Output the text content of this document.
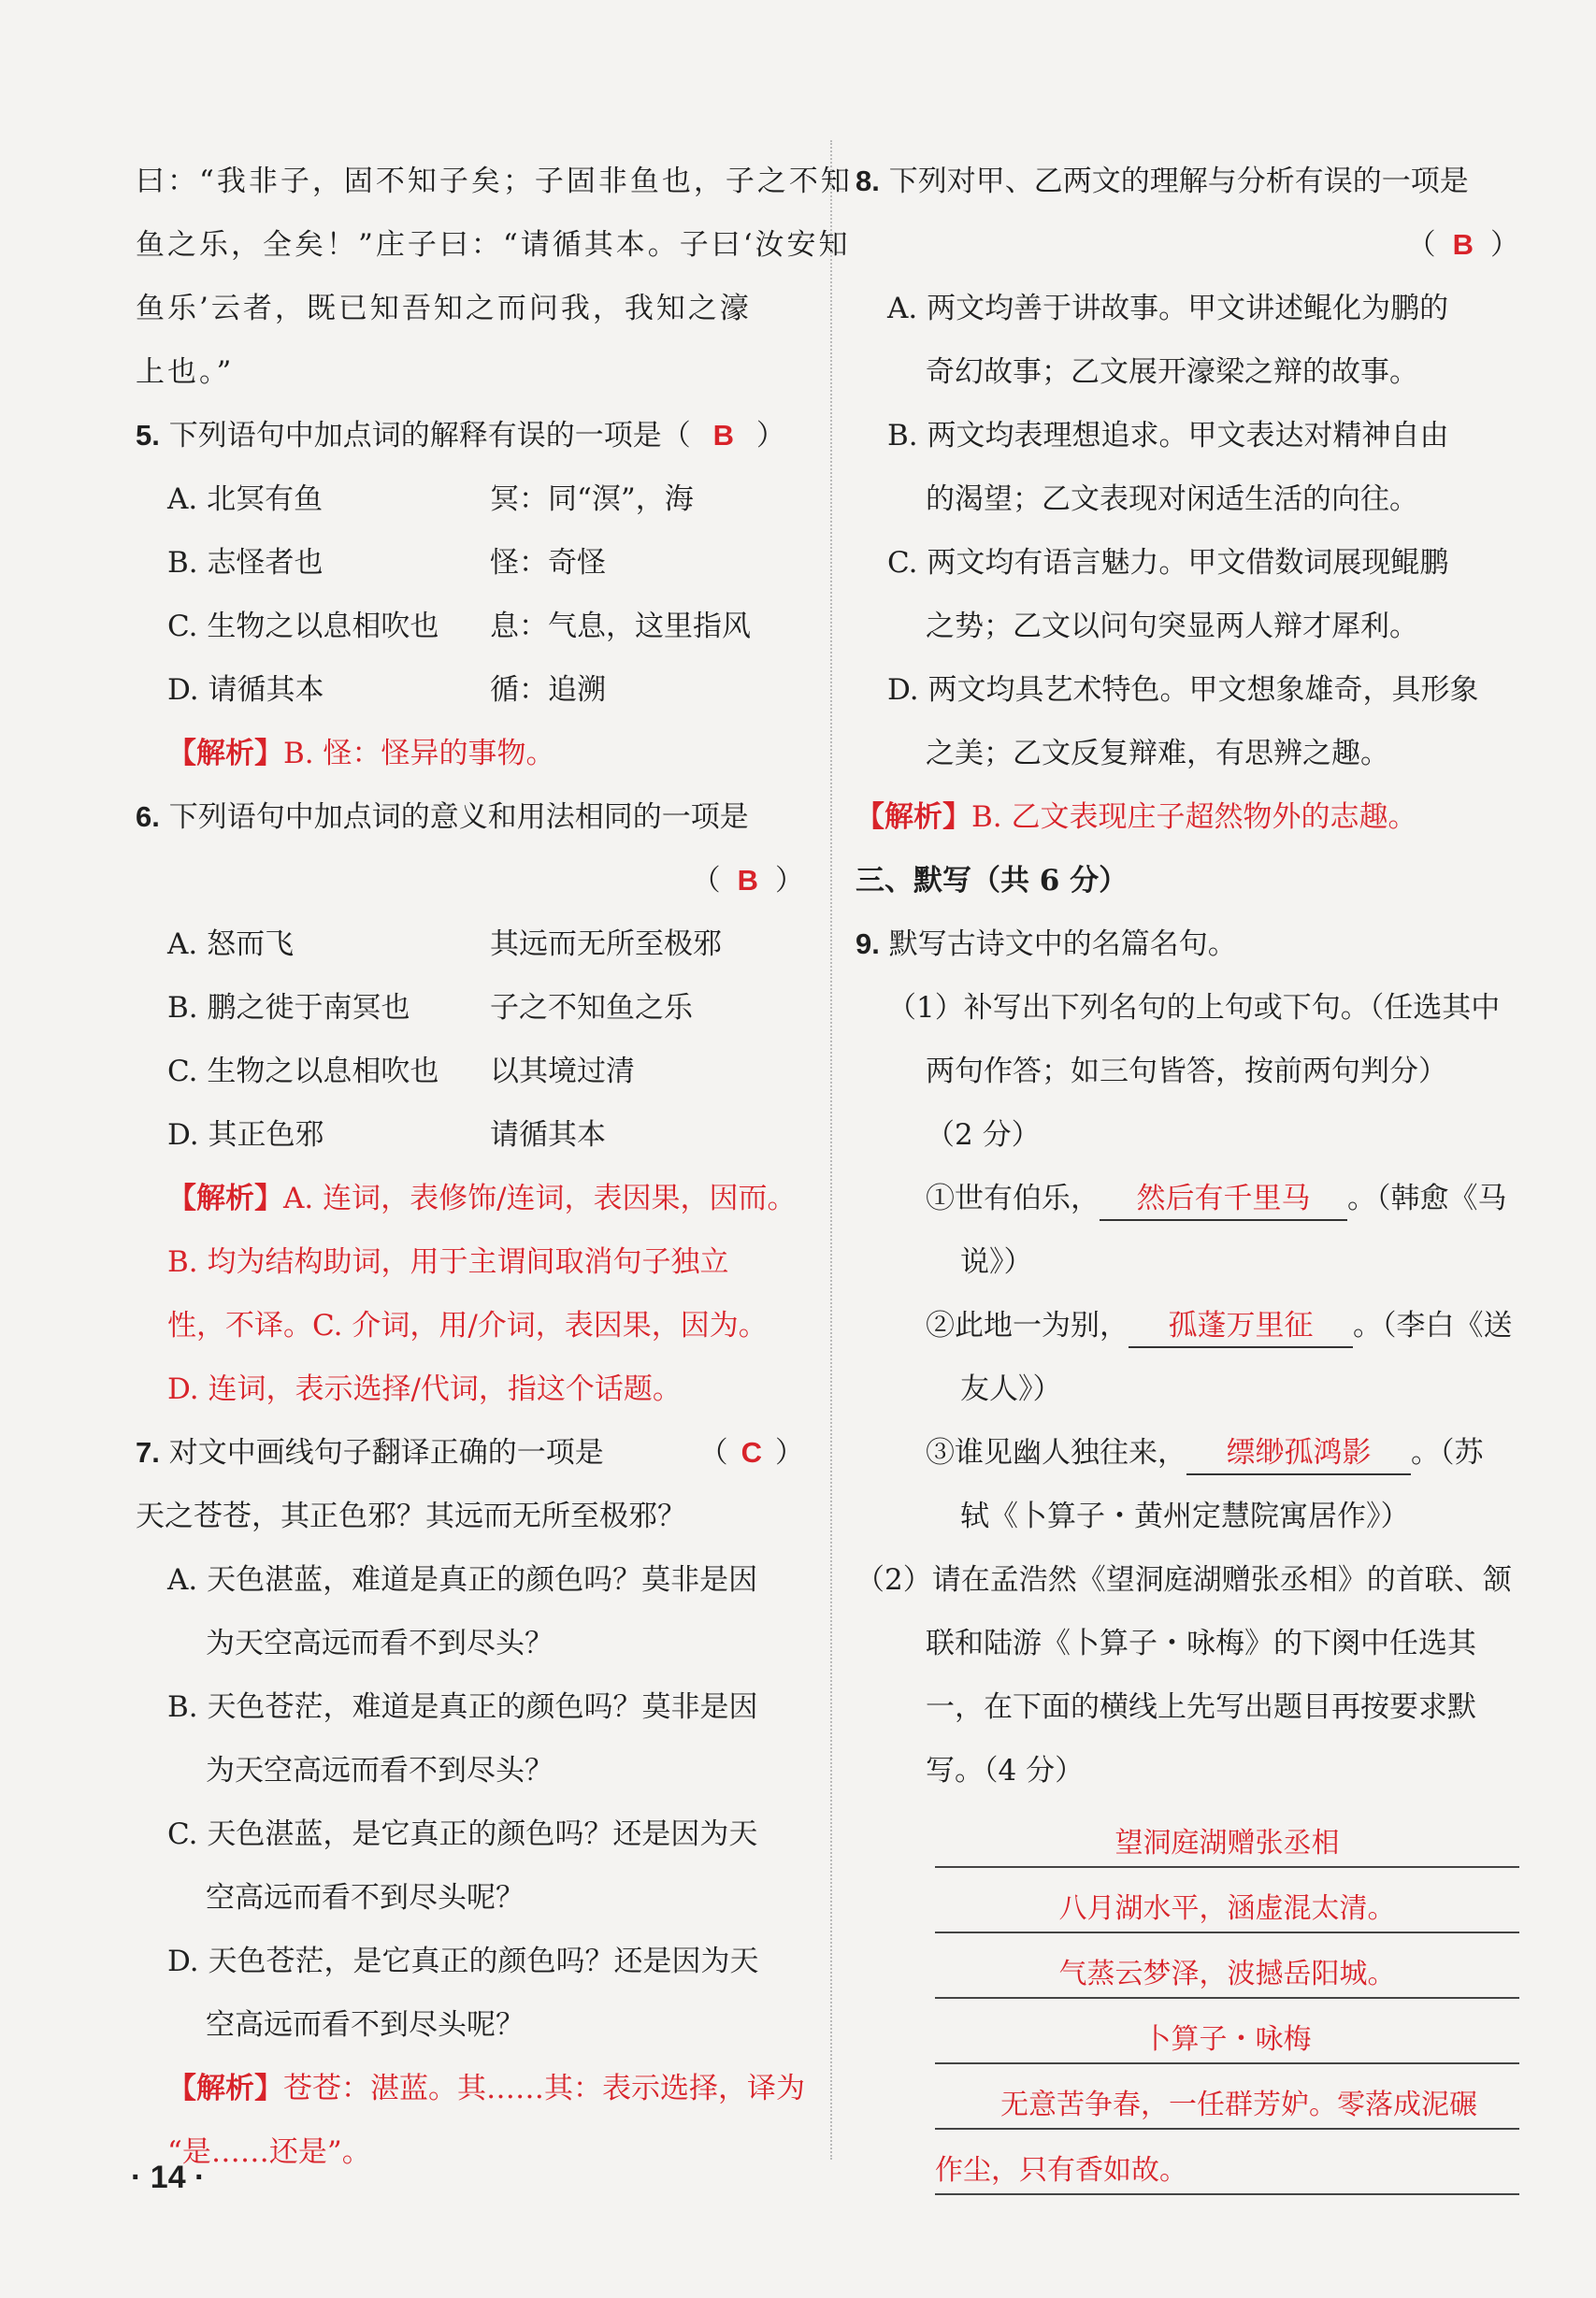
曰：“我非子，固不知子矣；子固非鱼也，子之不知
鱼之乐，全矣！”庄子曰：“请循其本。子曰‘汝安知
鱼乐’云者，既已知吾知之而问我，我知之濠
上也。”
5. 下列语句中加点词的解释有误的一项是（ B ）
A. 北冥有鱼	冥：同“溟”，海
B. 志怪者也	怪：奇怪
C. 生物之以息相吹也	息：气息，这里指风
D. 请循其本	循：追溯
【解析】B. 怪：怪异的事物。
6. 下列语句中加点词的意义和用法相同的一项是
（ B ）
A. 怒而飞	其远而无所至极邪
B. 鹏之徙于南冥也	子之不知鱼之乐
C. 生物之以息相吹也	以其境过清
D. 其正色邪	请循其本
【解析】A. 连词，表修饰/连词，表因果，因而。
B. 均为结构助词，用于主谓间取消句子独立
性，不译。C. 介词，用/介词，表因果，因为。
D. 连词，表示选择/代词，指这个话题。
7. 对文中画线句子翻译正确的一项是	（ C ）
天之苍苍，其正色邪？其远而无所至极邪？
A. 天色湛蓝，难道是真正的颜色吗？莫非是因
为天空高远而看不到尽头？
B. 天色苍茫，难道是真正的颜色吗？莫非是因
为天空高远而看不到尽头？
C. 天色湛蓝，是它真正的颜色吗？还是因为天
空高远而看不到尽头呢？
D. 天色苍茫，是它真正的颜色吗？还是因为天
空高远而看不到尽头呢？
【解析】苍苍：湛蓝。其……其：表示选择，译为
“是……还是”。
8. 下列对甲、乙两文的理解与分析有误的一项是
（ B ）
A. 两文均善于讲故事。甲文讲述鲲化为鹏的
奇幻故事；乙文展开濠梁之辩的故事。
B. 两文均表理想追求。甲文表达对精神自由
的渴望；乙文表现对闲适生活的向往。
C. 两文均有语言魅力。甲文借数词展现鲲鹏
之势；乙文以问句突显两人辩才犀利。
D. 两文均具艺术特色。甲文想象雄奇，具形象
之美；乙文反复辩难，有思辨之趣。
【解析】B. 乙文表现庄子超然物外的志趣。
三、默写（共 6 分）
9. 默写古诗文中的名篇名句。
（1）补写出下列名句的上句或下句。（任选其中
两句作答；如三句皆答，按前两句判分）
（2 分）
①世有伯乐， 然后有千里马 。（韩愈《马
说》）
②此地一为别， 孤蓬万里征 。（李白《送
友人》）
③谁见幽人独往来， 缥缈孤鸿影 。（苏
轼《卜算子・黄州定慧院寓居作》）
（2）请在孟浩然《望洞庭湖赠张丞相》的首联、颔
联和陆游《卜算子・咏梅》的下阕中任选其
一，在下面的横线上先写出题目再按要求默
写。（4 分）
望洞庭湖赠张丞相
八月湖水平，涵虚混太清。
气蒸云梦泽，波撼岳阳城。
卜算子・咏梅
无意苦争春，一任群芳妒。零落成泥碾
作尘，只有香如故。
· 14 ·
